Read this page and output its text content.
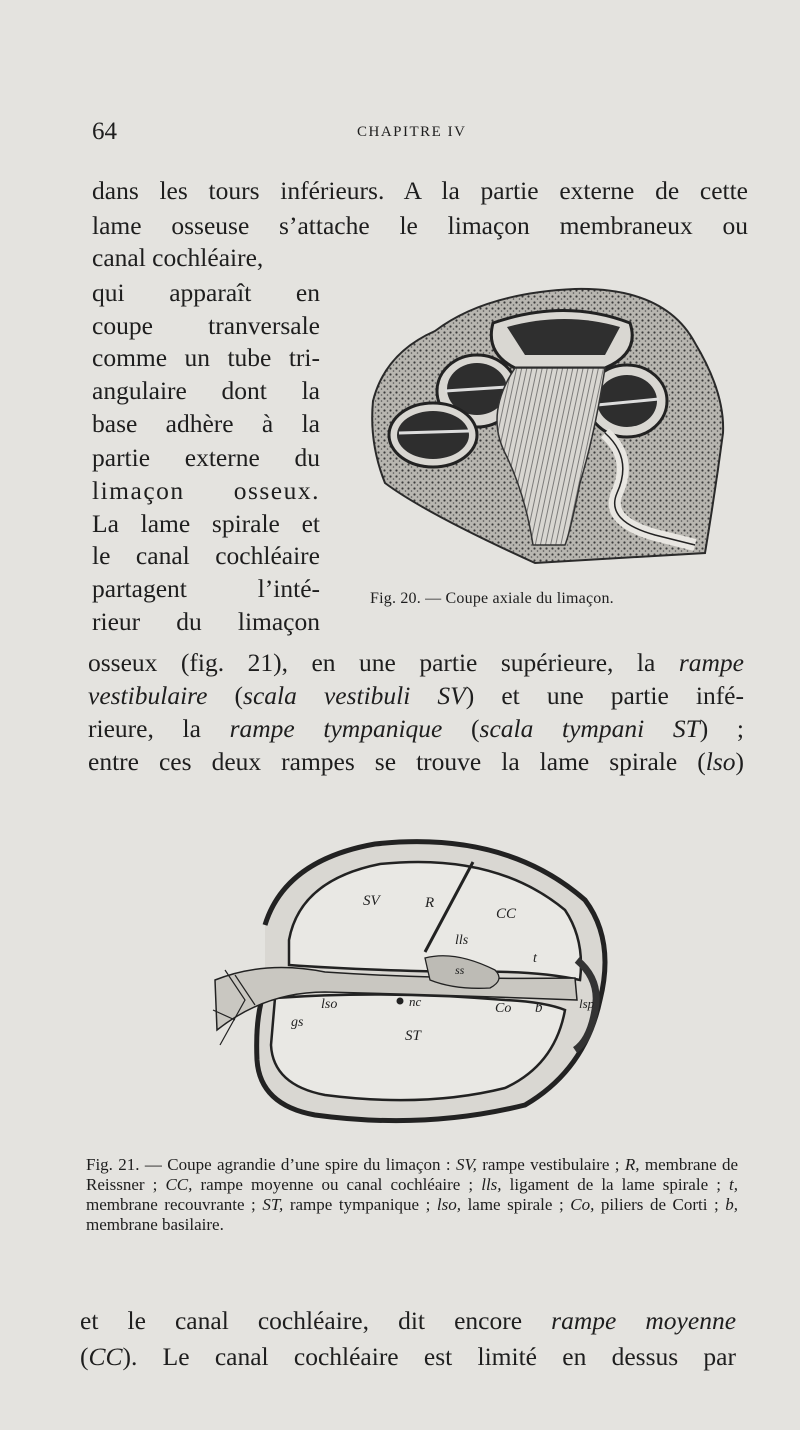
64	CHAPITRE IV
dans les tours inférieurs. A la partie externe de cette
lame osseuse s’attache le limaçon membraneux ou
canal cochléaire,
qui apparaît en
coupe tranversale
comme un tube tri-
angulaire dont la
base adhère à la
partie externe du
limaçon osseux.
La lame spirale et
le canal cochléaire
partagent l’inté-
rieur du limaçon
Fig. 20. — Coupe axiale du limaçon.
osseux (fig. 21), en une partie supérieure, la rampe
vestibulaire (scala vestibuli SV) et une partie infé-
rieure, la rampe tympanique (scala tympani ST) ;
entre ces deux rampes se trouve la lame spirale (lso)
SV	R
CC
lls
t
ss
lso	nc	Co b	lsp
gs
ST

Fig. 21. — Coupe agrandie d’une spire du limaçon : SV, rampe vestibulaire ; R, membrane de Reissner ; CC, rampe moyenne ou canal cochléaire ; lls, ligament de la lame spirale ; t, membrane recouvrante ; ST, rampe tympanique ; lso, lame spirale ; Co, piliers de Corti ; b, membrane basilaire.

et le canal cochléaire, dit encore rampe moyenne
(CC). Le canal cochléaire est limité en dessus par
